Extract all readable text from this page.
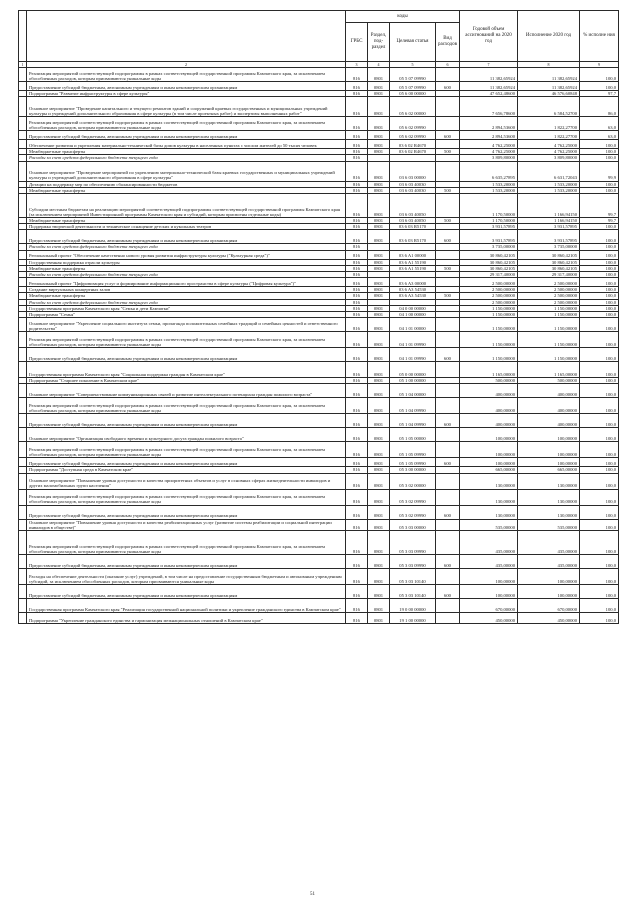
		коды				Годовой объем ассигнований на 2020 год	Исполнение 2020 год	% исполне ния
		ГРБС	Раздел, под-раздел	Целевая статья	Вид расходов			
1	2	3	4	5	6	7	8	9
	Реализация мероприятий соответствующей подпрограммы в рамках соответствующей государственной программы Камчатского края, за исключением обособленных расходов, которым присваиваются уникальные коды	816	0801	05 5 07 09990		11 382,65924	11 382,65924	100,0
	Предоставление субсидий бюджетным, автономным учреждениям и иным некоммерческим организациям	816	0801	05 5 07 09990	600	11 382,65924	11 382,65924	100,0
	Подпрограмма "Развитие инфраструктуры в сфере культуры"	816	0801	05 6 00 00000		47 652,48600	46 576,60848	97,7
	Основное мероприятие "Проведение капитального и текущего ремонтов зданий и сооружений краевых государственных и муниципальных учреждений культуры и учреждений дополнительного образования в сфере культуры (в том числе проектных работ) и экспертизы выполненных работ"	816	0801	05 6 02 00000		7 656,78600	6 584,52700	86,0
	Реализация мероприятий соответствующей подпрограммы в рамках соответствующей государственной программы Камчатского края, за исключением обособленных расходов, которым присваиваются уникальные коды	816	0801	05 6 02 09990		2 894,53600	1 822,27700	63,0
	Предоставление субсидий бюджетным, автономным учреждениям и иным некоммерческим организациям	816	0801	05 6 02 09990	600	2 894,53600	1 822,27700	63,0
	Обеспечение развития и укрепления материально-технической базы домов культуры в населенных пунктах с числом жителей до 50 тысяч человек	816	0801	03 6 02 R4670		4 762,25000	4 762,25000	100,0
	Межбюджетные трансферты	816	0801	03 6 02 R4670	500	4 762,25000	4 762,25000	100,0
	Расходы за счет средств федерального бюджета текущего года	816				3 809,80000	3 809,80000	100,0
	Основное мероприятие "Проведение мероприятий по укреплению материально-технической базы краевых государственных и муниципальных учреждений культуры и учреждений дополнительного образования в сфере культуры"	816	0801	03 6 03 00000		6 635,27895	6 631,72043	99,9
	Дотации на поддержку мер по обеспечению сбалансированности бюджетов	816	0801	03 6 03 40030		1 533,20000	1 533,20000	100,0
	Межбюджетные трансферты	816	0801	03 6 03 40030	500	1 533,20000	1 533,20000	100,0
	Субсидии местным бюджетам на реализацию мероприятий соответствующей подпрограммы соответствующей государственной программы Камчатского края (за исключением мероприятий Инвестиционной программы Камчатского края и субсидий, которым присвоены отдельные коды)	816	0801	03 6 03 40050		1 170,50000	1 166,94150	99,7
	Межбюджетные трансферты	816	0801	03 6 03 40050	500	1 170,50000	1 166,94150	99,7
	Поддержка творческой деятельности и техническое оснащение детских и кукольных театров	816	0801	03 6 03 R5170		3 931,57895	3 931,57895	100,0
	Предоставление субсидий бюджетным, автономным учреждениям и иным некоммерческим организациям	816	0801	03 6 03 R5170	600	3 931,57895	3 931,57895	100,0
	Расходы за счет средств федерального бюджета текущего года	816				3 735,00000	3 735,00000	100,0
	Региональный проект "Обеспечение качественно нового уровня развития инфраструктуры культуры ("Культурная среда")"	816	0801	03 6 A1 00000		30 860,42105	30 860,42105	100,0
	Государственная поддержка отрасли культуры	816	0801	03 6 A1 55190		30 860,42105	30 860,42105	100,0
	Межбюджетные трансферты	816	0801	03 6 A1 55190	500	30 860,42105	30 860,42105	100,0
	Расходы за счет средств федерального бюджета текущего года	816				29 317,40000	29 317,40000	100,0
	Региональный проект "Цифровизация услуг и формирование информационного пространства в сфере культуры ("Цифровая культура")"	816	0801	03 6 A3 00000		2 500,00000	2 500,00000	100,0
	Создание виртуальных концертных залов	816	0801	03 6 A3 54530		2 500,00000	2 500,00000	100,0
	Межбюджетные трансферты	816	0801	03 6 A3 54530	500	2 500,00000	2 500,00000	100,0
	Расходы за счет средств федерального бюджета текущего года	816				2 500,00000	2 500,00000	100,0
	Государственная программа Камчатского края "Семья и дети Камчатки"	816	0801	04 0 00 00000		1 150,00000	1 150,00000	100,0
	Подпрограмма "Семья"	816	0801	04 1 00 00000		1 150,00000	1 150,00000	100,0
	Основное мероприятие "Укрепление социального института семьи, пропаганда положительных семейных традиций и семейных ценностей и ответственного родительства"	816	0801	04 1 01 00000		1 150,00000	1 150,00000	100,0
	Реализация мероприятий соответствующей подпрограммы в рамках соответствующей государственной программы Камчатского края, за исключением обособленных расходов, которым присваиваются уникальные коды	816	0801	04 1 01 09990		1 150,00000	1 150,00000	100,0
	Предоставление субсидий бюджетным, автономным учреждениям и иным некоммерческим организациям	816	0801	04 1 01 09990	600	1 150,00000	1 150,00000	100,0
	Государственная программа Камчатского края "Социальная поддержка граждан в Камчатском крае"	816	0801	05 0 00 00000		1 165,00000	1 165,00000	100,0
	Подпрограмма "Старшее поколение в Камчатском крае"	816	0801	05 1 00 00000		500,00000	500,00000	100,0
	Основное мероприятие "Совершенствование коммуникационных связей и развитие интеллектуального потенциала граждан пожилого возраста"	816	0801	05 1 04 00000		400,00000	400,00000	100,0
	Реализация мероприятий соответствующей подпрограммы в рамках соответствующей государственной программы Камчатского края, за исключением обособленных расходов, которым присваиваются уникальные коды	816	0801	05 1 04 09990		400,00000	400,00000	100,0
	Предоставление субсидий бюджетным, автономным учреждениям и иным некоммерческим организациям	816	0801	05 1 04 09990	600	400,00000	400,00000	100,0
	Основное мероприятие "Организация свободного времени и культурного досуга граждан пожилого возраста"	816	0801	05 1 05 00000		100,00000	100,00000	100,0
	Реализация мероприятий соответствующей подпрограммы в рамках соответствующей государственной программы Камчатского края, за исключением обособленных расходов, которым присваиваются уникальные коды	816	0801	05 1 05 09990		100,00000	100,00000	100,0
	Предоставление субсидий бюджетным, автономным учреждениям и иным некоммерческим организациям	816	0801	05 1 05 09990	600	100,00000	100,00000	100,0
	Подпрограмма "Доступная среда в Камчатском крае"	816	0801	05 3 00 00000		665,00000	665,00000	100,0
	Основное мероприятие "Повышение уровня доступности и качества приоритетных объектов и услуг в основных сферах жизнедеятельности инвалидов и других маломобильных групп населения"	816	0801	05 3 02 00000		130,00000	130,00000	100,0
	Реализация мероприятий соответствующей подпрограммы в рамках соответствующей государственной программы Камчатского края, за исключением обособленных расходов, которым присваиваются уникальные коды	816	0801	05 3 02 09990		130,00000	130,00000	100,0
	Предоставление субсидий бюджетным, автономным учреждениям и иным некоммерческим организациям	816	0801	05 3 02 09990	600	130,00000	130,00000	100,0
	Основное мероприятие "Повышение уровня доступности и качества реабилитационных услуг (развитие системы реабилитации и социальной интеграции инвалидов в обществе)"	816	0801	05 3 03 00000		535,00000	535,00000	100,0
	Реализация мероприятий соответствующей подпрограммы в рамках соответствующей государственной программы Камчатского края, за исключением обособленных расходов, которым присваиваются уникальные коды	816	0801	05 3 03 09990		435,00000	435,00000	100,0
	Предоставление субсидий бюджетным, автономным учреждениям и иным некоммерческим организациям	816	0801	05 3 03 09990	600	435,00000	435,00000	100,0
	Расходы на обеспечение деятельности (оказание услуг) учреждений, в том числе на предоставление государственным бюджетным и автономным учреждениям субсидий, за исключением обособленных расходов, которым присваиваются уникальные коды	816	0801	05 3 03 10140		100,00000	100,00000	100,0
	Предоставление субсидий бюджетным, автономным учреждениям и иным некоммерческим организациям	816	0801	05 3 03 10140	600	100,00000	100,00000	100,0
	Государственная программа Камчатского края "Реализация государственной национальной политики и укрепление гражданского единства в Камчатском крае"	816	0801	19 0 00 00000		670,00000	670,00000	100,0
	Подпрограмма "Укрепление гражданского единства и гармонизация межнациональных отношений в Камчатском крае"	816	0801	19 1 00 00000		450,00000	450,00000	100,0
51
